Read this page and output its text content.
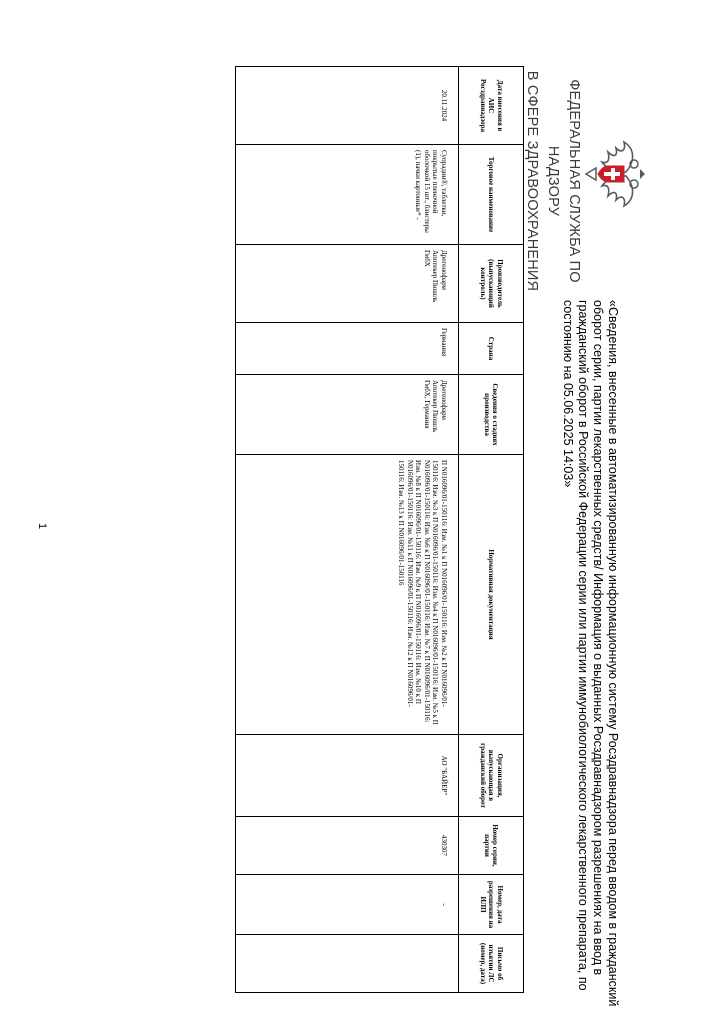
ФЕДЕРАЛЬНАЯ СЛУЖБА ПО НАДЗОРУ
В СФЕРЕ ЗДРАВООХРАНЕНИЯ
«Сведения, внесенные в автоматизированную информационную систему Росздравнадзора перед вводом в гражданский оборот серии, партии лекарственных средств/ Информация о выданных Росздравнадзором разрешениях на ввод в гражданский оборот в Российской Федерации серии или партии иммунобиологического лекарственного препарата, по состоянию на 05.06.2025 14:03»
Дата внесения в АИС Росздравнадзора	Торговое наименование	Производитель (выпускающий контроль)	Страна	Сведения о стадиях производства	Нормативная документация	Организация, выпускающая в гражданский оборот	Номер серии, партии	Номер, дата разрешения на ИЛП	Письмо об изъятии ЛС (номер, дата)
20.11.2024	Супрадин®, таблетки, покрытые пленочной оболочкой 15 шт., блистеры (1), пачки картонные* -	Дрегенофарм Апотекер Пюшль ГмбХ	Германия	Дрегенофарм Апотекер Пюшль ГмбХ, Германия	П N016096/01-150116: Изм. №1 к П N016096/01-150116: Изм. №2 к П N016096/01-150116: Изм. №3 к П N016096/01-150116: Изм. №4 к П N016096/01-150116: Изм. №5 к П N016096/01-150116: Изм. №6 к П N016096/01-150116: Изм. №7 к П N016096/01-150116: Изм. №8 к П N016096/01-150116: Изм. №9 к П N016096/01-150116: Изм. №10 к П N016096/01-150116: Изм. №11 к П N016096/01-150116: Изм. №12 к П N016096/01-150116: Изм. №13 к П N016096/01-150116	АО "БАЙЕР"	430307	-	
1
